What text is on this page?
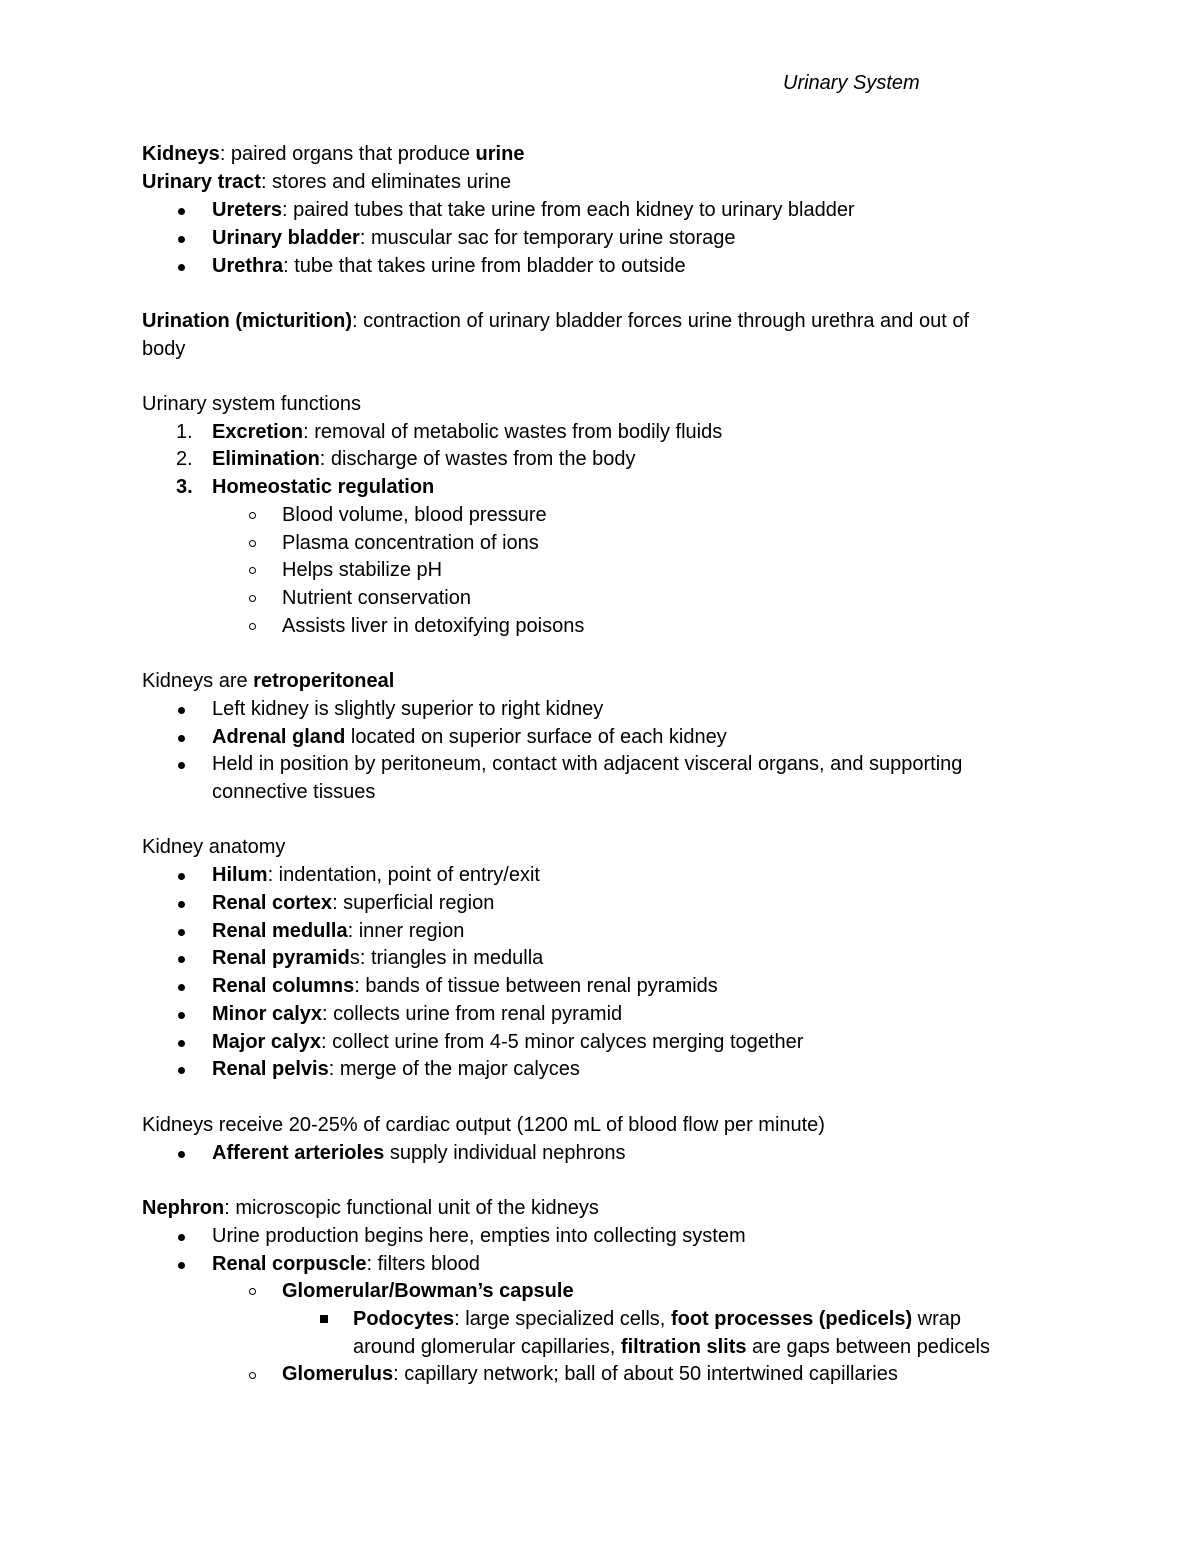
Urinary System
Kidneys: paired organs that produce urine
Urinary tract: stores and eliminates urine
Ureters: paired tubes that take urine from each kidney to urinary bladder
Urinary bladder: muscular sac for temporary urine storage
Urethra: tube that takes urine from bladder to outside
Urination (micturition): contraction of urinary bladder forces urine through urethra and out of
body
Urinary system functions
1. Excretion: removal of metabolic wastes from bodily fluids
2. Elimination: discharge of wastes from the body
3. Homeostatic regulation
Blood volume, blood pressure
Plasma concentration of ions
Helps stabilize pH
Nutrient conservation
Assists liver in detoxifying poisons
Kidneys are retroperitoneal
Left kidney is slightly superior to right kidney
Adrenal gland located on superior surface of each kidney
Held in position by peritoneum, contact with adjacent visceral organs, and supporting
connective tissues
Kidney anatomy
Hilum: indentation, point of entry/exit
Renal cortex: superficial region
Renal medulla: inner region
Renal pyramids: triangles in medulla
Renal columns: bands of tissue between renal pyramids
Minor calyx: collects urine from renal pyramid
Major calyx: collect urine from 4-5 minor calyces merging together
Renal pelvis: merge of the major calyces
Kidneys receive 20-25% of cardiac output (1200 mL of blood flow per minute)
Afferent arterioles supply individual nephrons
Nephron: microscopic functional unit of the kidneys
Urine production begins here, empties into collecting system
Renal corpuscle: filters blood
Glomerular/Bowman’s capsule
Podocytes: large specialized cells, foot processes (pedicels) wrap
around glomerular capillaries, filtration slits are gaps between pedicels
Glomerulus: capillary network; ball of about 50 intertwined capillaries
